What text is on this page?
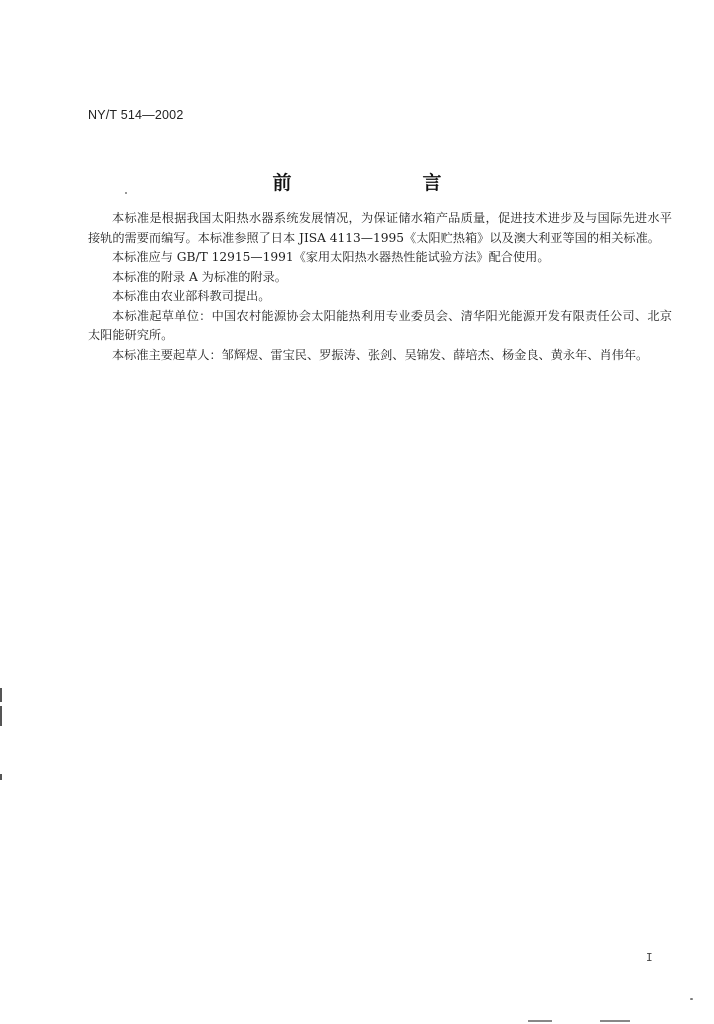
NY/T 514—2002
前　言

本标准是根据我国太阳热水器系统发展情况，为保证储水箱产品质量，促进技术进步及与国际先进水平接轨的需要而编写。本标准参照了日本 JISA 4113—1995《太阳贮热箱》以及澳大利亚等国的相关标准。

本标准应与 GB/T 12915—1991《家用太阳热水器热性能试验方法》配合使用。

本标准的附录 A 为标准的附录。

本标准由农业部科教司提出。

本标准起草单位：中国农村能源协会太阳能热利用专业委员会、清华阳光能源开发有限责任公司、北京太阳能研究所。

本标准主要起草人：邹辉煜、雷宝民、罗振涛、张剑、吴锦发、薛培杰、杨金良、黄永年、肖伟年。

I
